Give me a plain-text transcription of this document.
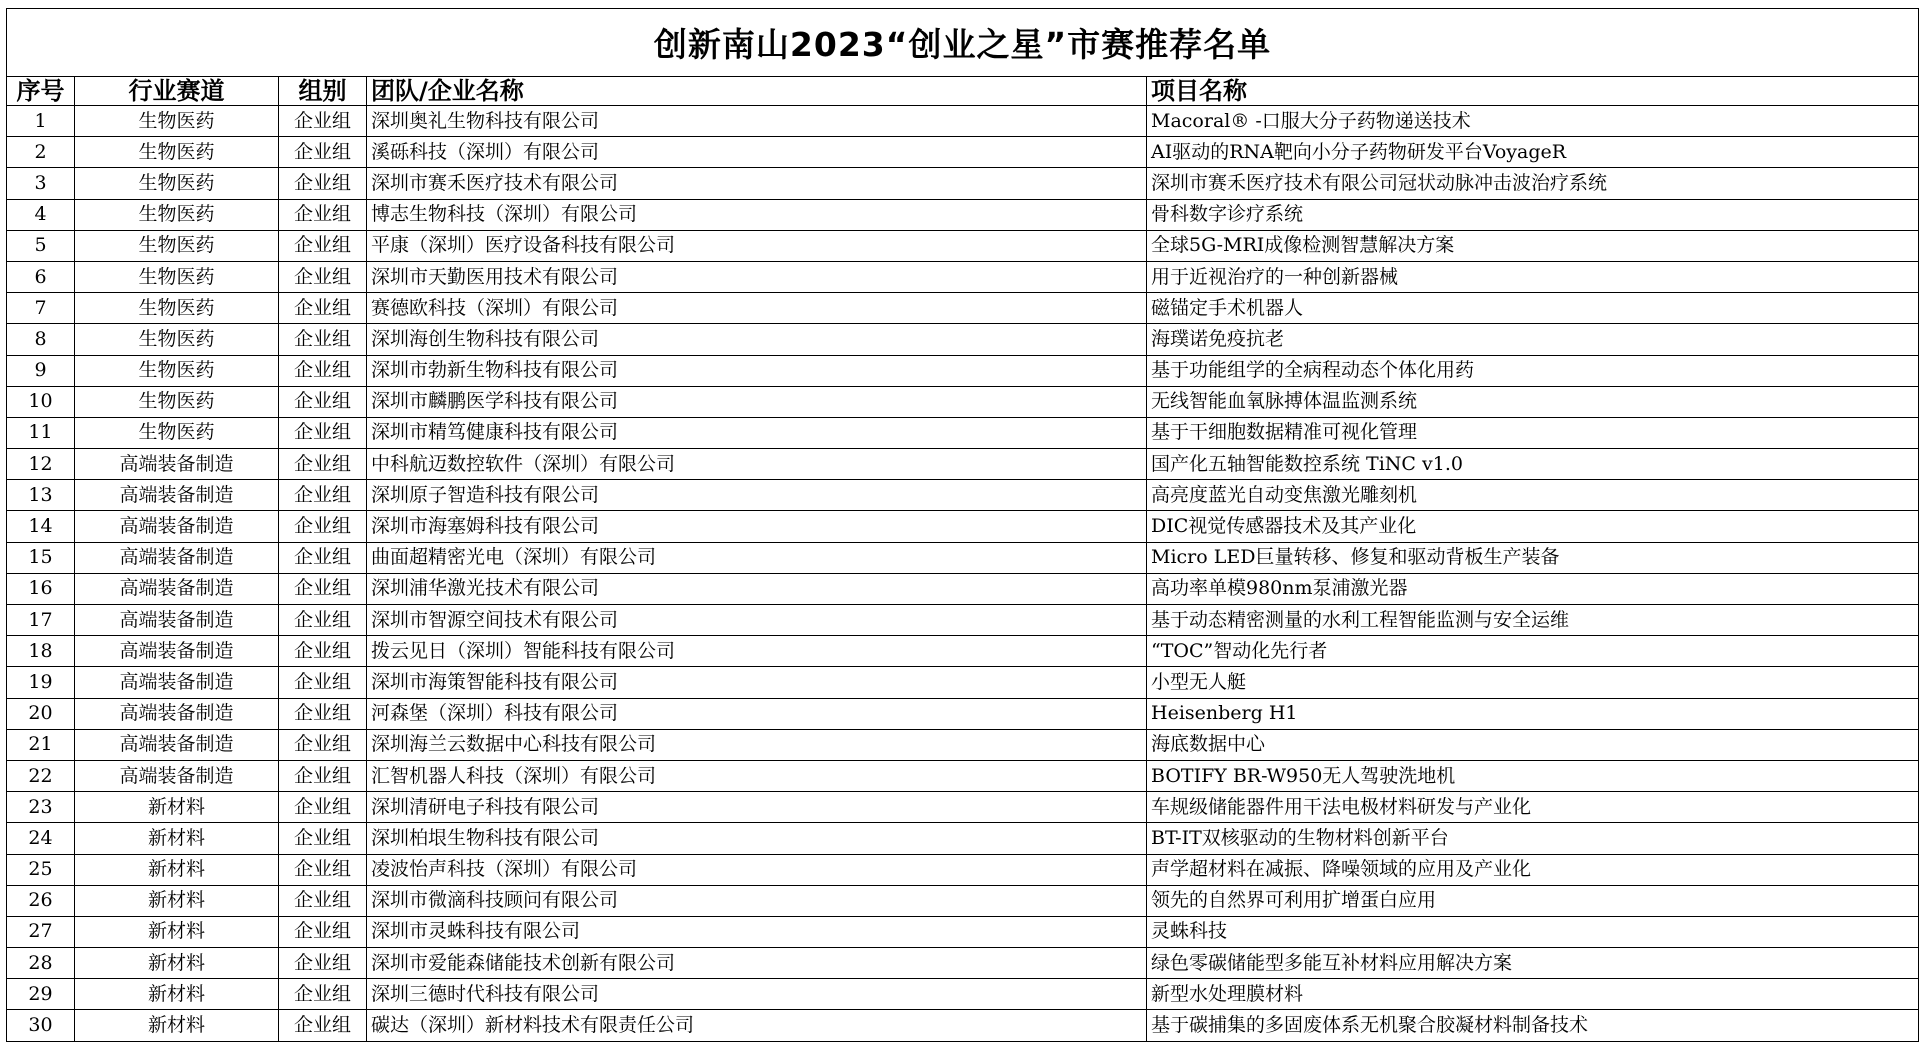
创新南山2023“创业之星”市赛推荐名单				
序号	行业赛道	组别	团队/企业名称	项目名称
1	生物医药	企业组	深圳奥礼生物科技有限公司	Macoral® -口服大分子药物递送技术
2	生物医药	企业组	溪砾科技（深圳）有限公司	AI驱动的RNA靶向小分子药物研发平台VoyageR
3	生物医药	企业组	深圳市赛禾医疗技术有限公司	深圳市赛禾医疗技术有限公司冠状动脉冲击波治疗系统
4	生物医药	企业组	博志生物科技（深圳）有限公司	骨科数字诊疗系统
5	生物医药	企业组	平康（深圳）医疗设备科技有限公司	全球5G-MRI成像检测智慧解决方案
6	生物医药	企业组	深圳市天勤医用技术有限公司	用于近视治疗的一种创新器械
7	生物医药	企业组	赛德欧科技（深圳）有限公司	磁锚定手术机器人
8	生物医药	企业组	深圳海创生物科技有限公司	海璞诺免疫抗老
9	生物医药	企业组	深圳市勃新生物科技有限公司	基于功能组学的全病程动态个体化用药
10	生物医药	企业组	深圳市麟鹏医学科技有限公司	无线智能血氧脉搏体温监测系统
11	生物医药	企业组	深圳市精笃健康科技有限公司	基于干细胞数据精准可视化管理
12	高端装备制造	企业组	中科航迈数控软件（深圳）有限公司	国产化五轴智能数控系统 TiNC v1.0
13	高端装备制造	企业组	深圳原子智造科技有限公司	高亮度蓝光自动变焦激光雕刻机
14	高端装备制造	企业组	深圳市海塞姆科技有限公司	DIC视觉传感器技术及其产业化
15	高端装备制造	企业组	曲面超精密光电（深圳）有限公司	Micro LED巨量转移、修复和驱动背板生产装备
16	高端装备制造	企业组	深圳浦华激光技术有限公司	高功率单模980nm泵浦激光器
17	高端装备制造	企业组	深圳市智源空间技术有限公司	基于动态精密测量的水利工程智能监测与安全运维
18	高端装备制造	企业组	拨云见日（深圳）智能科技有限公司	“TOC”智动化先行者
19	高端装备制造	企业组	深圳市海策智能科技有限公司	小型无人艇
20	高端装备制造	企业组	河森堡（深圳）科技有限公司	Heisenberg H1
21	高端装备制造	企业组	深圳海兰云数据中心科技有限公司	海底数据中心
22	高端装备制造	企业组	汇智机器人科技（深圳）有限公司	BOTIFY BR-W950无人驾驶洗地机
23	新材料	企业组	深圳清研电子科技有限公司	车规级储能器件用干法电极材料研发与产业化
24	新材料	企业组	深圳柏垠生物科技有限公司	BT-IT双核驱动的生物材料创新平台
25	新材料	企业组	凌波怡声科技（深圳）有限公司	声学超材料在减振、降噪领域的应用及产业化
26	新材料	企业组	深圳市微滴科技顾问有限公司	领先的自然界可利用扩增蛋白应用
27	新材料	企业组	深圳市灵蛛科技有限公司	灵蛛科技
28	新材料	企业组	深圳市爱能森储能技术创新有限公司	绿色零碳储能型多能互补材料应用解决方案
29	新材料	企业组	深圳三德时代科技有限公司	新型水处理膜材料
30	新材料	企业组	碳达（深圳）新材料技术有限责任公司	基于碳捕集的多固废体系无机聚合胶凝材料制备技术
